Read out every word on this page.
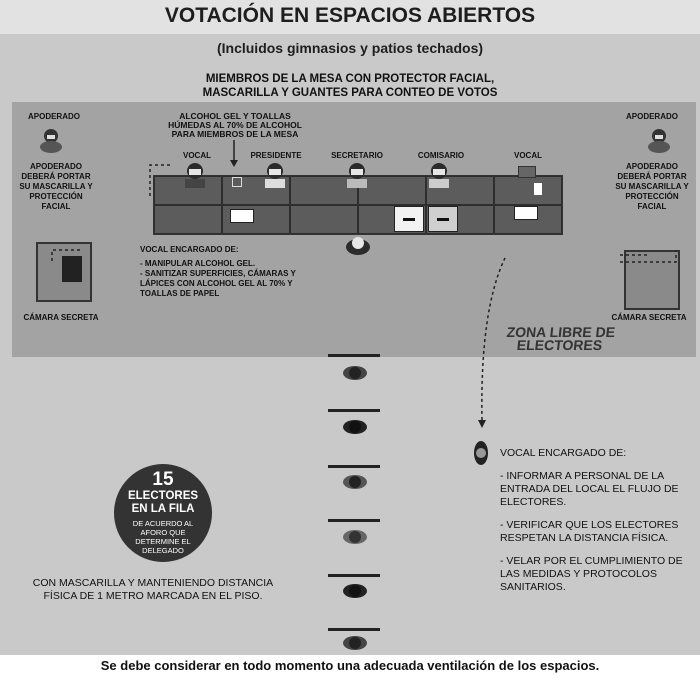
VOTACIÓN EN ESPACIOS ABIERTOS
(Incluidos gimnasios y patios techados)
MIEMBROS DE LA MESA CON PROTECTOR FACIAL,
MASCARILLA Y GUANTES PARA CONTEO DE VOTOS
APODERADO
APODERADO
DEBERÁ PORTAR
SU MASCARILLA Y
PROTECCIÓN
FACIAL
APODERADO
APODERADO
DEBERÁ PORTAR
SU MASCARILLA Y
PROTECCIÓN
FACIAL
ALCOHOL GEL Y TOALLAS
HÚMEDAS AL 70% DE ALCOHOL
PARA MIEMBROS DE LA MESA
VOCAL	PRESIDENTE	SECRETARIO	COMISARIO	VOCAL
VOCAL ENCARGADO DE:
- MANIPULAR ALCOHOL GEL.
- SANITIZAR SUPERFICIES, CÁMARAS Y
LÁPICES CON ALCOHOL GEL AL 70% Y
TOALLAS DE PAPEL
CÁMARA SECRETA	CÁMARA SECRETA
ZONA LIBRE DE
ELECTORES
VOCAL ENCARGADO DE:
- INFORMAR A PERSONAL DE LA
ENTRADA DEL LOCAL EL FLUJO DE
ELECTORES.
- VERIFICAR QUE LOS ELECTORES
RESPETAN LA DISTANCIA FÍSICA.
- VELAR POR EL CUMPLIMIENTO DE
LAS MEDIDAS Y PROTOCOLOS
SANITARIOS.
15
ELECTORES
EN LA FILA
DE ACUERDO AL
AFORO QUE
DETERMINE EL
DELEGADO
CON MASCARILLA Y MANTENIENDO DISTANCIA
FÍSICA DE 1 METRO MARCADA EN EL PISO.
Se debe considerar en todo momento una adecuada ventilación de los espacios.
